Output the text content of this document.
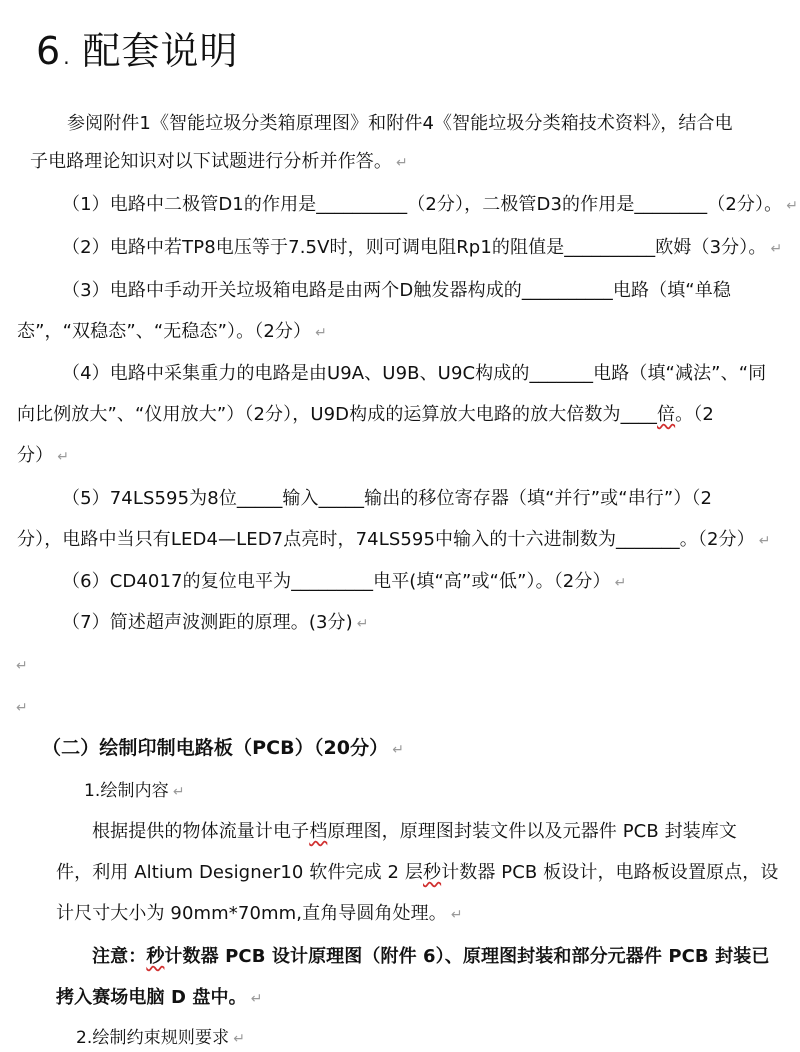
6 . 配套说明
参阅附件1《智能垃圾分类箱原理图》和附件4《智能垃圾分类箱技术资料》，结合电
子电路理论知识对以下试题进行分析并作答。 ↵
（1）电路中二极管D1的作用是__________（2分），二极管D3的作用是________（2分）。 ↵
（2）电路中若TP8电压等于7.5V时，则可调电阻Rp1的阻值是__________欧姆（3分）。 ↵
（3）电路中手动开关垃圾箱电路是由两个D触发器构成的__________电路（填“单稳
态”，“双稳态”、“无稳态”）。（2分） ↵
（4）电路中采集重力的电路是由U9A、U9B、U9C构成的_______电路（填“减法”、“同
向比例放大”、“仪用放大”）（2分），U9D构成的运算放大电路的放大倍数为____倍。（2
分） ↵
（5）74LS595为8位_____输入_____输出的移位寄存器（填“并行”或“串行”）（2
分），电路中当只有LED4—LED7点亮时，74LS595中输入的十六进制数为_______。（2分） ↵
（6）CD4017的复位电平为_________电平(填“高”或“低”）。（2分） ↵
（7）简述超声波测距的原理。(3分) ↵
↵
↵
（二）绘制印制电路板（PCB）（20分） ↵
1.绘制内容 ↵
根据提供的物体流量计电子档原理图，原理图封装文件以及元器件 PCB 封装库文
件，利用 Altium Designer10 软件完成 2 层秒计数器 PCB 板设计，电路板设置原点，设
计尺寸大小为 90mm*70mm,直角导圆角处理。 ↵
注意：秒计数器 PCB 设计原理图（附件 6）、原理图封装和部分元器件 PCB 封装已
拷入赛场电脑 D 盘中。 ↵
2.绘制约束规则要求 ↵
